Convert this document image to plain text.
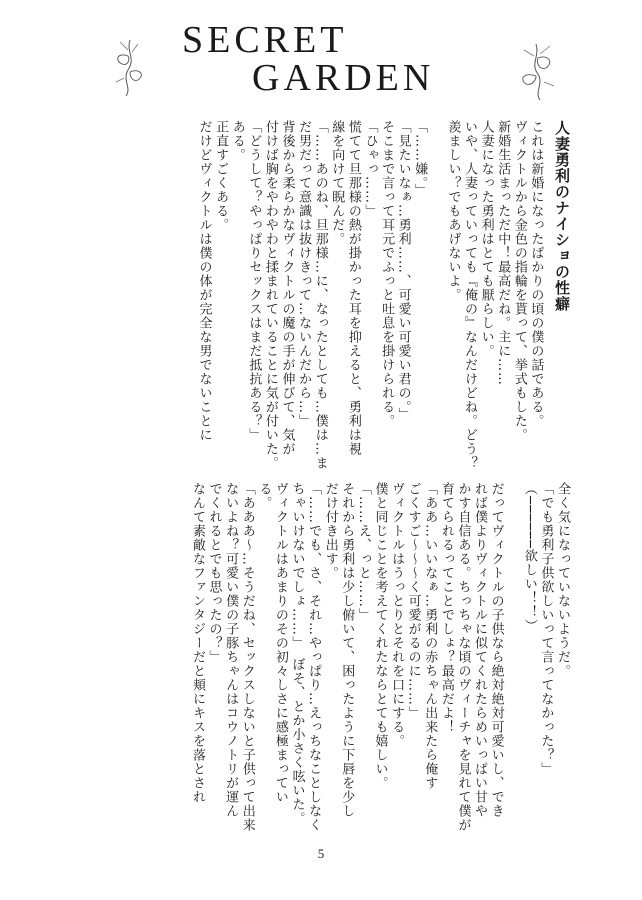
SECRET
GARDEN
人妻勇利のナイショの性癖
これは新婚になったばかりの頃の僕の話である。
ヴィクトルから金色の指輪を貰って、挙式もした。
新婚生活まっただ中！最高だね。主に……
人妻になった勇利はとても厭らしい。
いや、人妻っていっても『俺の』なんだけどね。どう？
羨ましい？でもあげないよ。

「……嫌。」
「見たいなぁ…勇利……、可愛い可愛い君の。」
そこまで言って耳元でふっと吐息を掛けられる。
「ひゃっ……」
慌てて旦那様の熱が掛かった耳を抑えると、勇利は視
線を向けて睨んだ。
「……あのね、旦那様…に、なったとしても…僕は…ま
だ男だって意識は抜けきって…ないんだから…」
背後から柔らかなヴィクトルの魔の手が伸びて、気が
付けば胸をやわやわと揉まれていることに気が付いた。
「どうして？やっぱりセックスはまだ抵抗ある？」
ある。
正直すごくある。
だけどヴィクトルは僕の体が完全な男でないことに
全く気になっていないようだ。
「でも勇利子供欲しいって言ってなかった？」
（──────欲しい！！）

だってヴィクトルの子供なら絶対絶対可愛いし、でき
れば僕よりヴィクトルに似てくれたらめいっぱい甘や
かす自信ある。ちっちゃな頃のヴィーチャを見れて僕が
育てられるってことでしょ？最高だよ！
「ああ…いいなぁ…勇利の赤ちゃん出来たら俺す
ごくすご〜〜〜く可愛がるのに……」
ヴィクトルはうっとりとそれを口にする。
僕と同じことを考えてくれたならとても嬉しい。
「……え、っと……」
それから勇利は少し俯いて、困ったように下唇を少し
だけ付き出す。
「……でも、さ、それ…やっぱり…えっちなことしなく
ちゃいけないでしょ……」　ぼそ、とか小さく呟いた。
ヴィクトルはあまりのその初々しさに感極まってい
る。
「あああ〜…そうだね、セックスしないと子供って出来
ないよね？可愛い僕の子豚ちゃんはコウノトリが運ん
でくれるとでも思ったの？」
なんて素敵なファンタジーだと頬にキスを落とされ
5
